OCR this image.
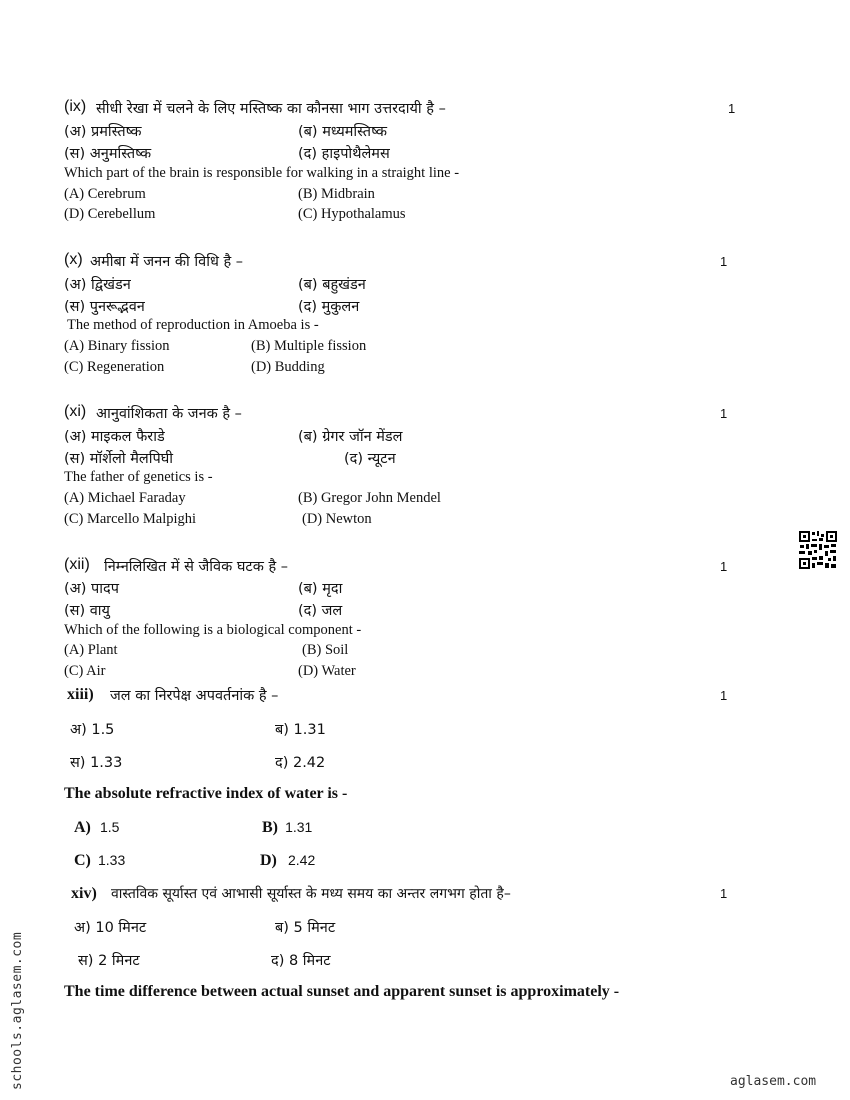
(ix) सीधी रेखा में चलने के लिए मस्तिष्क का कौनसा भाग उत्तरदायी है –	1
(अ) प्रमस्तिष्क	(ब) मध्यमस्तिष्क
(स) अनुमस्तिष्क	(द) हाइपोथैलेमस
Which part of the brain is responsible for walking in a straight line -
(A) Cerebrum	(B) Midbrain
(D) Cerebellum	(C) Hypothalamus
(x) अमीबा में जनन की विधि है –	1
(अ) द्विखंडन	(ब) बहुखंडन
(स) पुनरूद्भवन	(द) मुकुलन
The method of reproduction in Amoeba is -
(A) Binary fission	(B) Multiple fission
(C) Regeneration	(D) Budding
(xi) आनुवांशिकता के जनक है –	1
(अ) माइकल फैराडे	(ब) ग्रेगर जॉन मेंडल
(स) मॉर्शेलो मैलपिघी	(द) न्यूटन
The father of genetics is -
(A) Michael Faraday	(B) Gregor John Mendel
(C) Marcello Malpighi	(D) Newton
(xii) निम्नलिखित में से जैविक घटक है –	1
(अ) पादप	(ब) मृदा
(स) वायु	(द) जल
Which of the following is a biological component -
(A) Plant	(B) Soil
(C) Air	(D) Water
xiii) जल का निरपेक्ष अपवर्तनांक है –	1
अ) 1.5	ब) 1.31
स) 1.33	द) 2.42
The absolute refractive index of water is -
A) 1.5	B) 1.31
C) 1.33	D) 2.42
xiv) वास्तविक सूर्यास्त एवं आभासी सूर्यास्त के मध्य समय का अन्तर लगभग होता है–	1
अ) 10 मिनट	ब) 5 मिनट
स) 2 मिनट	द) 8 मिनट
The time difference between actual sunset and apparent sunset is approximately -
schools.aglasem.com	aglasem.com
